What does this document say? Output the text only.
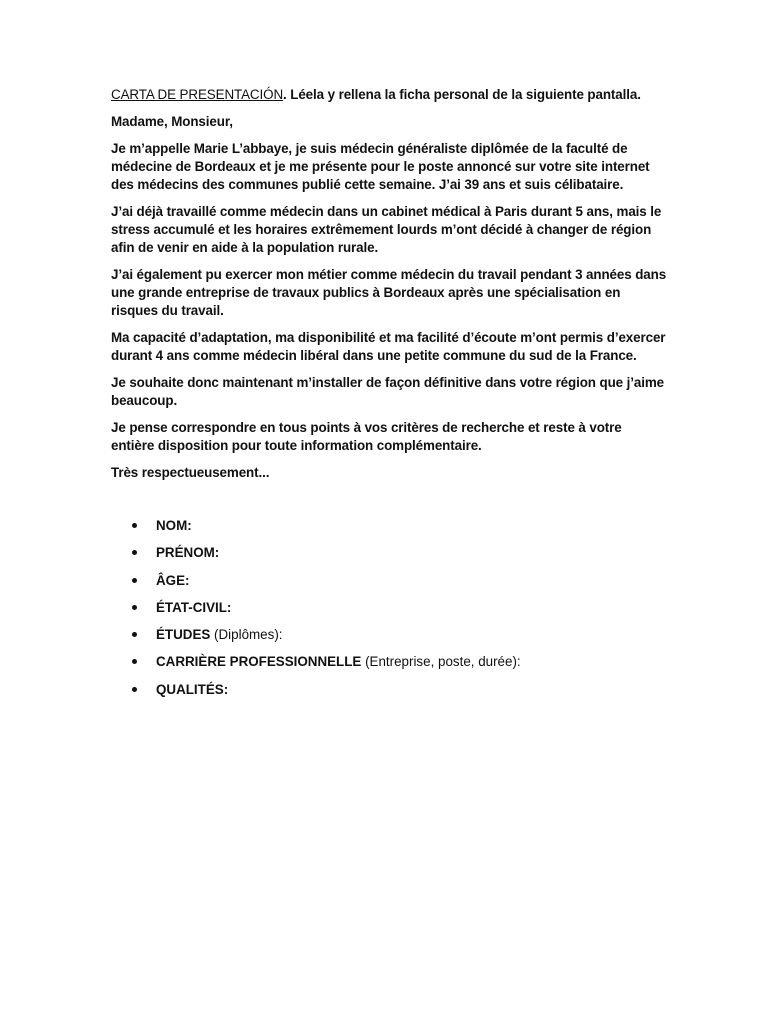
CARTA DE PRESENTACIÓN. Léela y rellena la ficha personal de la siguiente pantalla.

Madame, Monsieur,

Je m’appelle Marie L’abbaye, je suis médecin généraliste diplômée de la faculté de médecine de Bordeaux et je me présente pour le poste annoncé sur votre site internet des médecins des communes publié cette semaine. J’ai 39 ans et suis célibataire.

J’ai déjà travaillé comme médecin dans un cabinet médical à Paris durant 5 ans, mais le stress accumulé et les horaires extrêmement lourds m’ont décidé à changer de région afin de venir en aide à la population rurale.

J’ai également pu exercer mon métier comme médecin du travail pendant 3 années dans une grande entreprise de travaux publics à Bordeaux après une spécialisation en risques du travail.

Ma capacité d’adaptation, ma disponibilité et ma facilité d’écoute m’ont permis d’exercer durant 4 ans comme médecin libéral dans une petite commune du sud de la France.

Je souhaite donc maintenant m’installer de façon définitive dans votre région que j’aime beaucoup.

Je pense correspondre en tous points à vos critères de recherche et reste à votre entière disposition pour toute information complémentaire.

Très respectueusement...

NOM:
PRÉNOM:
ÂGE:
ÉTAT-CIVIL:
ÉTUDES (Diplômes):
CARRIÈRE PROFESSIONNELLE (Entreprise, poste, durée):
QUALITÉS:
